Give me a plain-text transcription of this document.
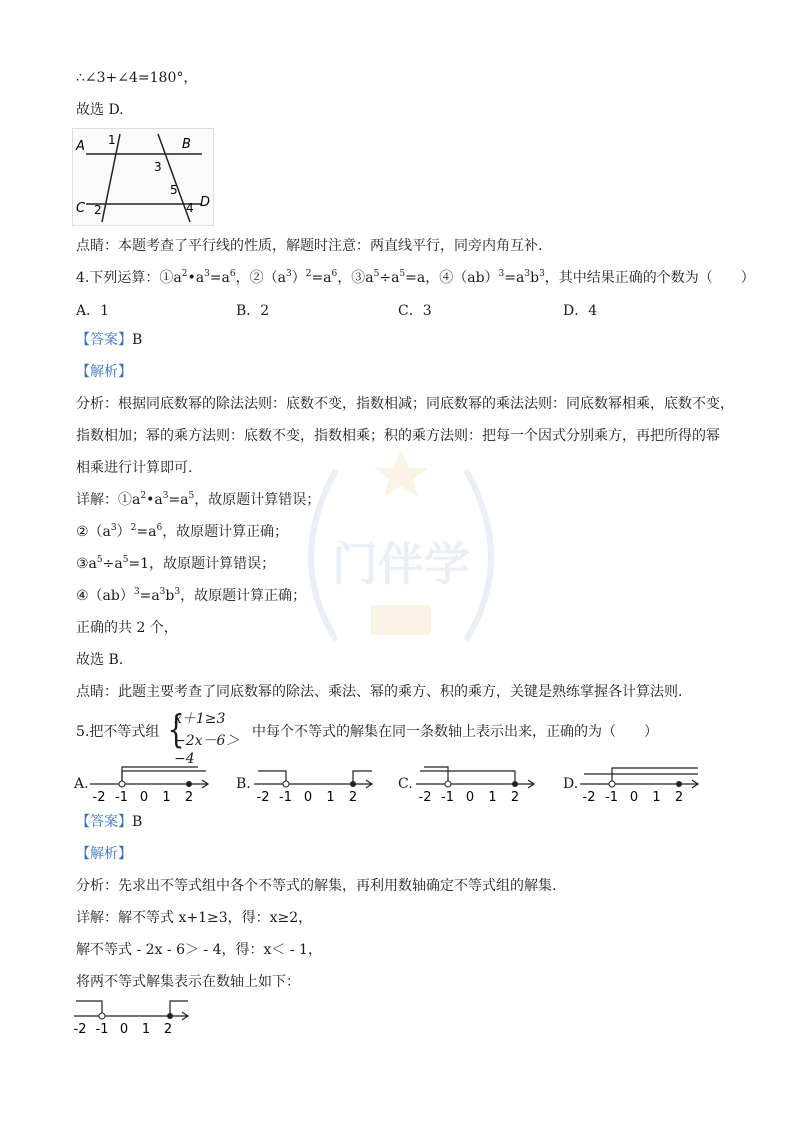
门伴学
∴∠3+∠4=180°，
故选 D.
A 1	B
3
5
C 2	4 D
点睛：本题考查了平行线的性质，解题时注意：两直线平行，同旁内角互补.
4.下列运算：$①a^2•a^3=a^6$，$②(a^3)^2=a^6$，$③a^5\div a^5=a$，$④(ab)^3=a^3b^3$，其中结果正确的个数为（　　）
A．1	B．2	C．3	D．4
【答案】B
【解析】
分析：根据同底数幂的除法法则：底数不变，指数相减；同底数幂的乘法法则：同底数幂相乘，底数不变，
指数相加；幂的乘方法则：底数不变，指数相乘；积的乘方法则：把每一个因式分别乘方，再把所得的幂
相乘进行计算即可.
详解：$①a^2•a^3=a^5$，故原题计算错误；
$②(a^3)^2=a^6$，故原题计算正确；
$③a^5\div a^5=1$，故原题计算错误；
$④(ab)^3=a^3b^3$，故原题计算正确；
正确的共 2 个，
故选 B.
点睛：此题主要考查了同底数幂的除法、乘法、幂的乘方、积的乘方，关键是熟练掌握各计算法则.
5.把不等式组 {
x＋1≥3
−2x－6＞−4
中每个不等式的解集在同一条数轴上表示出来，正确的为（　　）
A.
-2 -1 0 1 2
B.
-2 -1 0 1 2
C.
-2 -1 0 1 2
D.
-2 -1 0 1 2
【答案】B
【解析】
分析：先求出不等式组中各个不等式的解集，再利用数轴确定不等式组的解集.
详解：解不等式 x+1≥3，得：x≥2，
解不等式 - 2x - 6＞ - 4，得：x＜ - 1，
将两不等式解集表示在数轴上如下：
-2 -1 0 1 2
